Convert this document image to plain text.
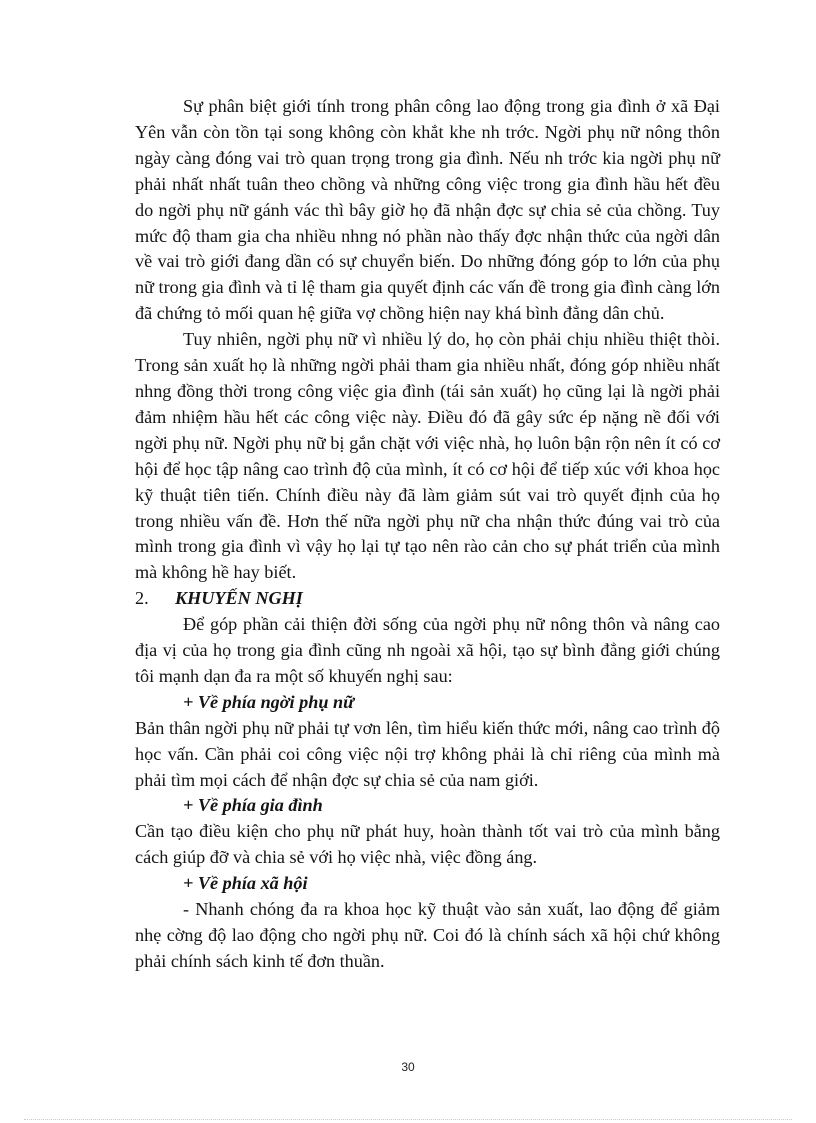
Sự phân biệt giới tính trong phân công lao động trong gia đình ở xã Đại Yên vẫn còn tồn tại song không còn khắt khe nh trớc. Ngời phụ nữ nông thôn ngày càng đóng vai trò quan trọng trong gia đình. Nếu nh trớc kia ngời phụ nữ phải nhất nhất tuân theo chồng và những công việc trong gia đình hầu hết đều do ngời phụ nữ gánh vác thì bây giờ họ đã nhận đợc sự chia sẻ của chồng. Tuy mức độ tham gia cha nhiều nhng nó phần nào thấy đợc nhận thức của ngời dân về vai trò giới đang dần có sự chuyển biến. Do những đóng góp to lớn của phụ nữ trong gia đình và tỉ lệ tham gia quyết định các vấn đề trong gia đình càng lớn đã chứng tỏ mối quan hệ giữa vợ chồng hiện nay khá bình đẳng dân chủ.

Tuy nhiên, ngời phụ nữ vì nhiều lý do, họ còn phải chịu nhiều thiệt thòi. Trong sản xuất họ là những ngời phải tham gia nhiều nhất, đóng góp nhiều nhất nhng đồng thời trong công việc gia đình (tái sản xuất) họ cũng lại là ngời phải đảm nhiệm hầu hết các công việc này. Điều đó đã gây sức ép nặng nề đối với ngời phụ nữ. Ngời phụ nữ bị gắn chặt với việc nhà, họ luôn bận rộn nên ít có cơ hội để học tập nâng cao trình độ của mình, ít có cơ hội để tiếp xúc với khoa học kỹ thuật tiên tiến. Chính điều này đã làm giảm sút vai trò quyết định của họ trong nhiều vấn đề. Hơn thế nữa ngời phụ nữ cha nhận thức đúng vai trò của mình trong gia đình vì vậy họ lại tự tạo nên rào cản cho sự phát triển của mình mà không hề hay biết.

2.	KHUYẾN NGHỊ

Để góp phần cải thiện đời sống của ngời phụ nữ nông thôn và nâng cao địa vị của họ trong gia đình cũng nh ngoài xã hội, tạo sự bình đẳng giới chúng tôi mạnh dạn đa ra một số khuyến nghị sau:

+ Về phía ngời phụ nữ

Bản thân ngời phụ nữ phải tự vơn lên, tìm hiểu kiến thức mới, nâng cao trình độ học vấn. Cần phải coi công việc nội trợ không phải là chỉ riêng của mình mà phải tìm mọi cách để nhận đợc sự chia sẻ của nam giới.

+ Về phía gia đình

Cần tạo điều kiện cho phụ nữ phát huy, hoàn thành tốt vai trò của mình bằng cách giúp đỡ và chia sẻ với họ việc nhà, việc đồng áng.

+ Về phía xã hội

- Nhanh chóng đa ra khoa học kỹ thuật vào sản xuất, lao động để giảm nhẹ cờng độ lao động cho ngời phụ nữ. Coi đó là chính sách xã hội chứ không phải chính sách kinh tế đơn thuần.

30
